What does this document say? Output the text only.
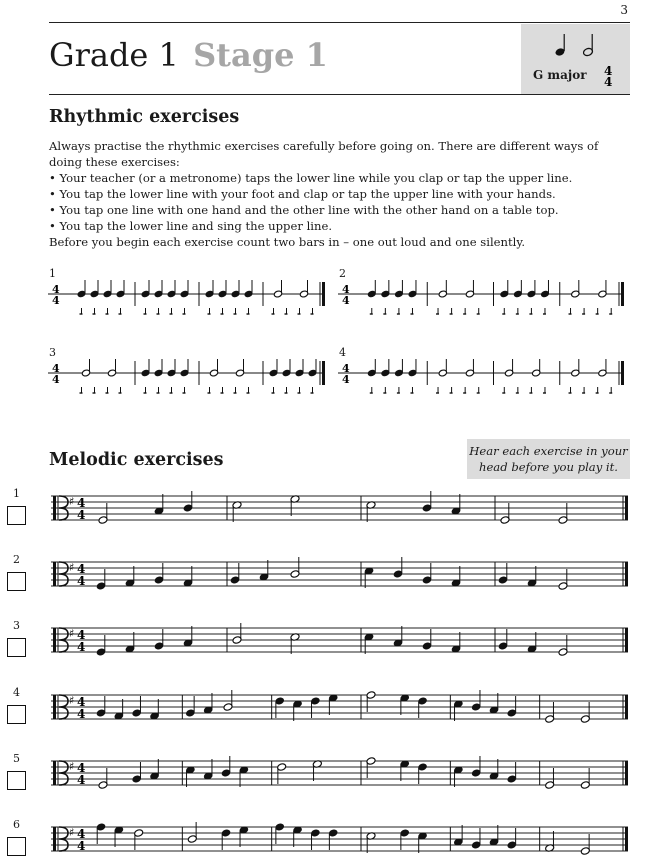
3
Grade 1 Stage 1	4
4
G major
Rhythmic exercises

Always practise the rhythmic exercises carefully before going on. There are different ways of doing these exercises:

• Your teacher (or a metronome) taps the lower line while you clap or tap the upper line.

• You tap the lower line with your foot and clap or tap the upper line with your hands.

• You tap one line with one hand and the other line with the other hand on a table top.

• You tap the lower line and sing the upper line.

Before you begin each exercise count two bars in – one out loud and one silently.

1
4
4
2
4
4
3
4
4
4
4
4
Melodic exercises	Hear each exercise in your
head before you play it.
1
♯ 4
4
2
♯ 4
4
3
♯ 4
4
4
♯ 4
4
5
♯ 4
4
6
♯ 4
4
